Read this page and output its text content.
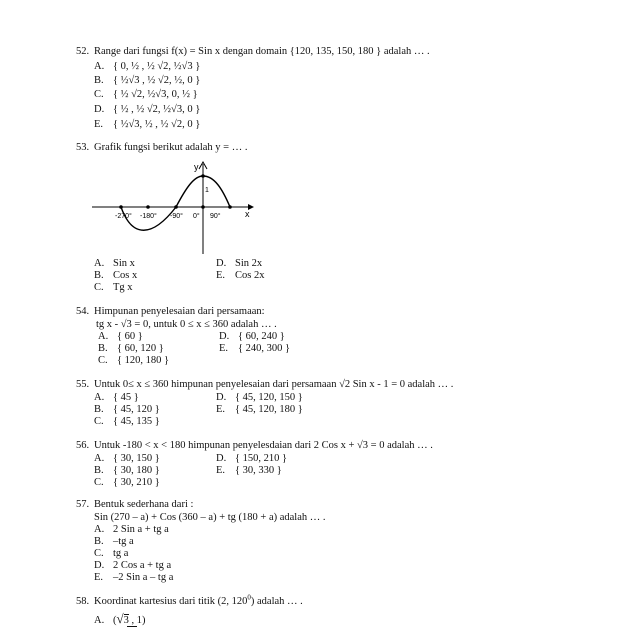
52. Range dari fungsi f(x) = Sin x dengan domain {120, 135, 150, 180 } adalah … .
A. { 0, ½ , ½ √2, ½√3 }
B. { ½√3 , ½ √2, ½, 0 }
C. { ½ √2, ½√3, 0, ½ }
D. { ½ , ½ √2, ½√3, 0 }
E. { ½√3, ½ , ½ √2, 0 }
53. Grafik fungsi berikut adalah y = … .
y
x
1
-270° -180° -90° 0° 90°
A. Sin x
B. Cos x
C. Tg x
D. Sin 2x
E. Cos 2x
54. Himpunan penyelesaian dari persamaan:
tg x - √3 = 0, untuk 0 ≤ x ≤ 360 adalah … .
A. { 60 }
B. { 60, 120 }
C. { 120, 180 }
D. { 60, 240 }
E. { 240, 300 }
55. Untuk 0≤ x ≤ 360 himpunan penyelesaian dari persamaan √2 Sin x - 1 = 0 adalah … .
A. { 45 }
B. { 45, 120 }
C. { 45, 135 }
D. { 45, 120, 150 }
E. { 45, 120, 180 }
56. Untuk -180 < x < 180 himpunan penyelesdaian dari 2 Cos x + √3 = 0 adalah … .
A. { 30, 150 }
B. { 30, 180 }
C. { 30, 210 }
D. { 150, 210 }
E. { 30, 330 }
57. Bentuk sederhana dari :
Sin (270 – a) + Cos (360 – a) + tg (180 + a) adalah … .
A. 2 Sin a + tg a
B. –tg a
C. tg a
D. 2 Cos a + tg a
E. –2 Sin a – tg a
58. Koordinat kartesius dari titik (2, $120^0$) adalah … .
A. (√3 , 1)
